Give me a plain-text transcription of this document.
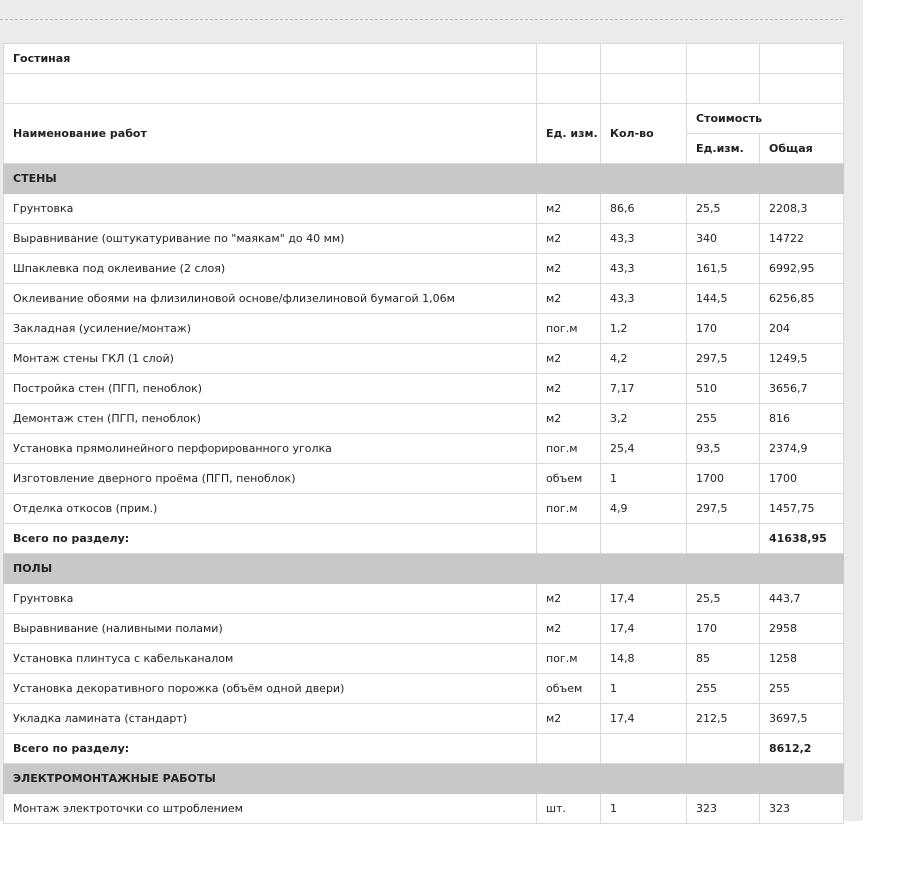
Гостиная				

Наименование работ	Ед. изм.	Кол-во	Стоимость	
			Ед.изм.	Общая
СТЕНЫ				
Грунтовка	м2	86,6	25,5	2208,3
Выравнивание (оштукатуривание по "маякам" до 40 мм)	м2	43,3	340	14722
Шпаклевка под оклеивание (2 слоя)	м2	43,3	161,5	6992,95
Оклеивание обоями на флизилиновой основе/флизелиновой бумагой 1,06м	м2	43,3	144,5	6256,85
Закладная (усиление/монтаж)	пог.м	1,2	170	204
Монтаж стены ГКЛ (1 слой)	м2	4,2	297,5	1249,5
Постройка стен (ПГП, пеноблок)	м2	7,17	510	3656,7
Демонтаж стен (ПГП, пеноблок)	м2	3,2	255	816
Установка прямолинейного перфорированного уголка	пог.м	25,4	93,5	2374,9
Изготовление дверного проёма (ПГП, пеноблок)	объем	1	1700	1700
Отделка откосов (прим.)	пог.м	4,9	297,5	1457,75
Всего по разделу:				41638,95
ПОЛЫ				
Грунтовка	м2	17,4	25,5	443,7
Выравнивание (наливными полами)	м2	17,4	170	2958
Установка плинтуса с кабельканалом	пог.м	14,8	85	1258
Установка декоративного порожка (объём одной двери)	объем	1	255	255
Укладка ламината (стандарт)	м2	17,4	212,5	3697,5
Всего по разделу:				8612,2
ЭЛЕКТРОМОНТАЖНЫЕ РАБОТЫ				
Монтаж электроточки со штроблением	шт.	1	323	323
